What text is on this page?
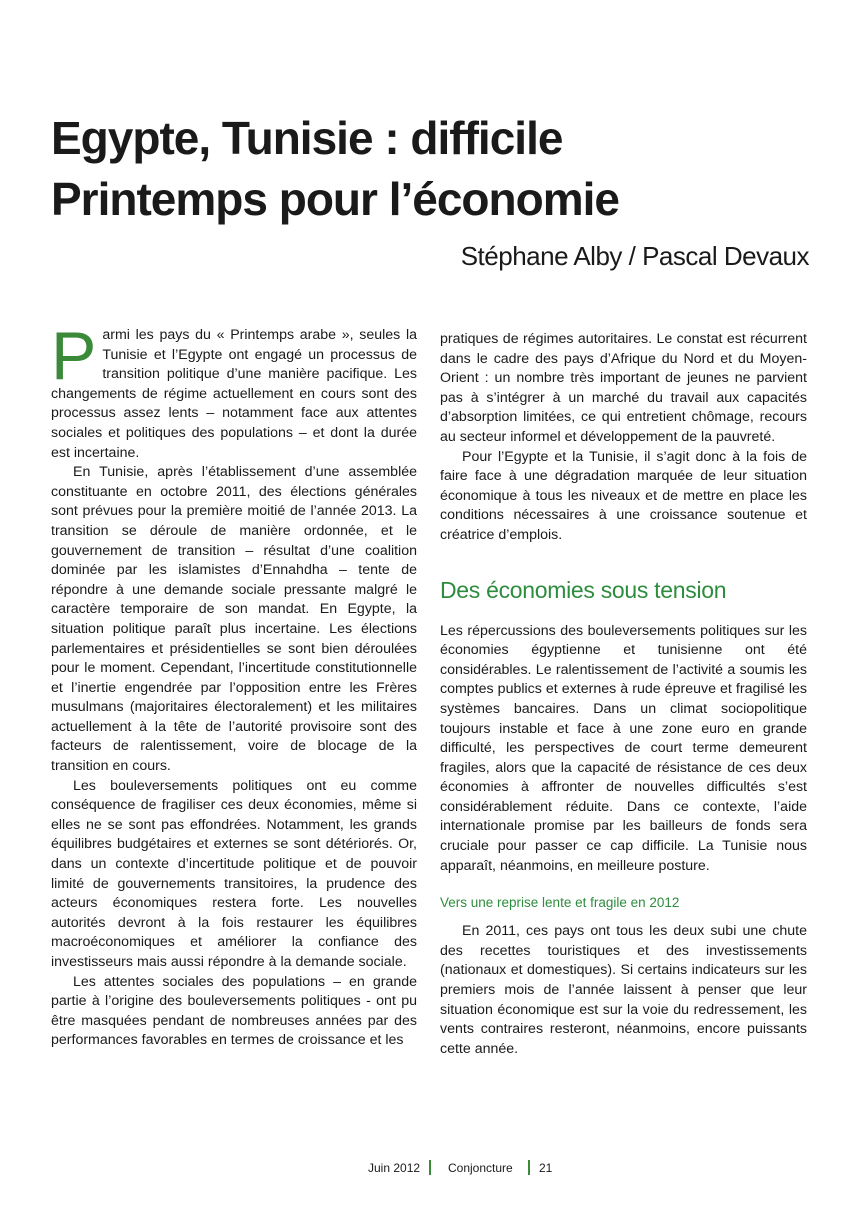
Egypte, Tunisie : difficile
Printemps pour l’économie
Stéphane Alby / Pascal Devaux

Parmi les pays du « Printemps arabe », seules la Tunisie et l’Egypte ont engagé un processus de transition politique d’une manière pacifique. Les changements de régime actuellement en cours sont des processus assez lents – notamment face aux attentes sociales et politiques des populations – et dont la durée est incertaine.

En Tunisie, après l’établissement d’une assemblée constituante en octobre 2011, des élections générales sont prévues pour la première moitié de l’année 2013. La transition se déroule de manière ordonnée, et le gouvernement de transition – résultat d’une coalition dominée par les islamistes d’Ennahdha – tente de répondre à une demande sociale pressante malgré le caractère temporaire de son mandat. En Egypte, la situation politique paraît plus incertaine. Les élections parlementaires et présidentielles se sont bien déroulées pour le moment. Cependant, l’incertitude constitutionnelle et l’inertie engendrée par l’opposition entre les Frères musulmans (majoritaires électoralement) et les militaires actuellement à la tête de l’autorité provisoire sont des facteurs de ralentissement, voire de blocage de la transition en cours.

Les bouleversements politiques ont eu comme conséquence de fragiliser ces deux économies, même si elles ne se sont pas effondrées. Notamment, les grands équilibres budgétaires et externes se sont détériorés. Or, dans un contexte d’incertitude politique et de pouvoir limité de gouvernements transitoires, la prudence des acteurs économiques restera forte. Les nouvelles autorités devront à la fois restaurer les équilibres macroéconomiques et améliorer la confiance des investisseurs mais aussi répondre à la demande sociale.

Les attentes sociales des populations – en grande partie à l’origine des bouleversements politiques - ont pu être masquées pendant de nombreuses années par des performances favorables en termes de croissance et les

pratiques de régimes autoritaires. Le constat est récurrent dans le cadre des pays d’Afrique du Nord et du Moyen-Orient : un nombre très important de jeunes ne parvient pas à s’intégrer à un marché du travail aux capacités d’absorption limitées, ce qui entretient chômage, recours au secteur informel et développement de la pauvreté.

Pour l’Egypte et la Tunisie, il s’agit donc à la fois de faire face à une dégradation marquée de leur situation économique à tous les niveaux et de mettre en place les conditions nécessaires à une croissance soutenue et créatrice d’emplois.

Des économies sous tension

Les répercussions des bouleversements politiques sur les économies égyptienne et tunisienne ont été considérables. Le ralentissement de l’activité a soumis les comptes publics et externes à rude épreuve et fragilisé les systèmes bancaires. Dans un climat sociopolitique toujours instable et face à une zone euro en grande difficulté, les perspectives de court terme demeurent fragiles, alors que la capacité de résistance de ces deux économies à affronter de nouvelles difficultés s’est considérablement réduite. Dans ce contexte, l’aide internationale promise par les bailleurs de fonds sera cruciale pour passer ce cap difficile. La Tunisie nous apparaît, néanmoins, en meilleure posture.

Vers une reprise lente et fragile en 2012

En 2011, ces pays ont tous les deux subi une chute des recettes touristiques et des investissements (nationaux et domestiques). Si certains indicateurs sur les premiers mois de l’année laissent à penser que leur situation économique est sur la voie du redressement, les vents contraires resteront, néanmoins, encore puissants cette année.

Juin 2012 Conjoncture 21
